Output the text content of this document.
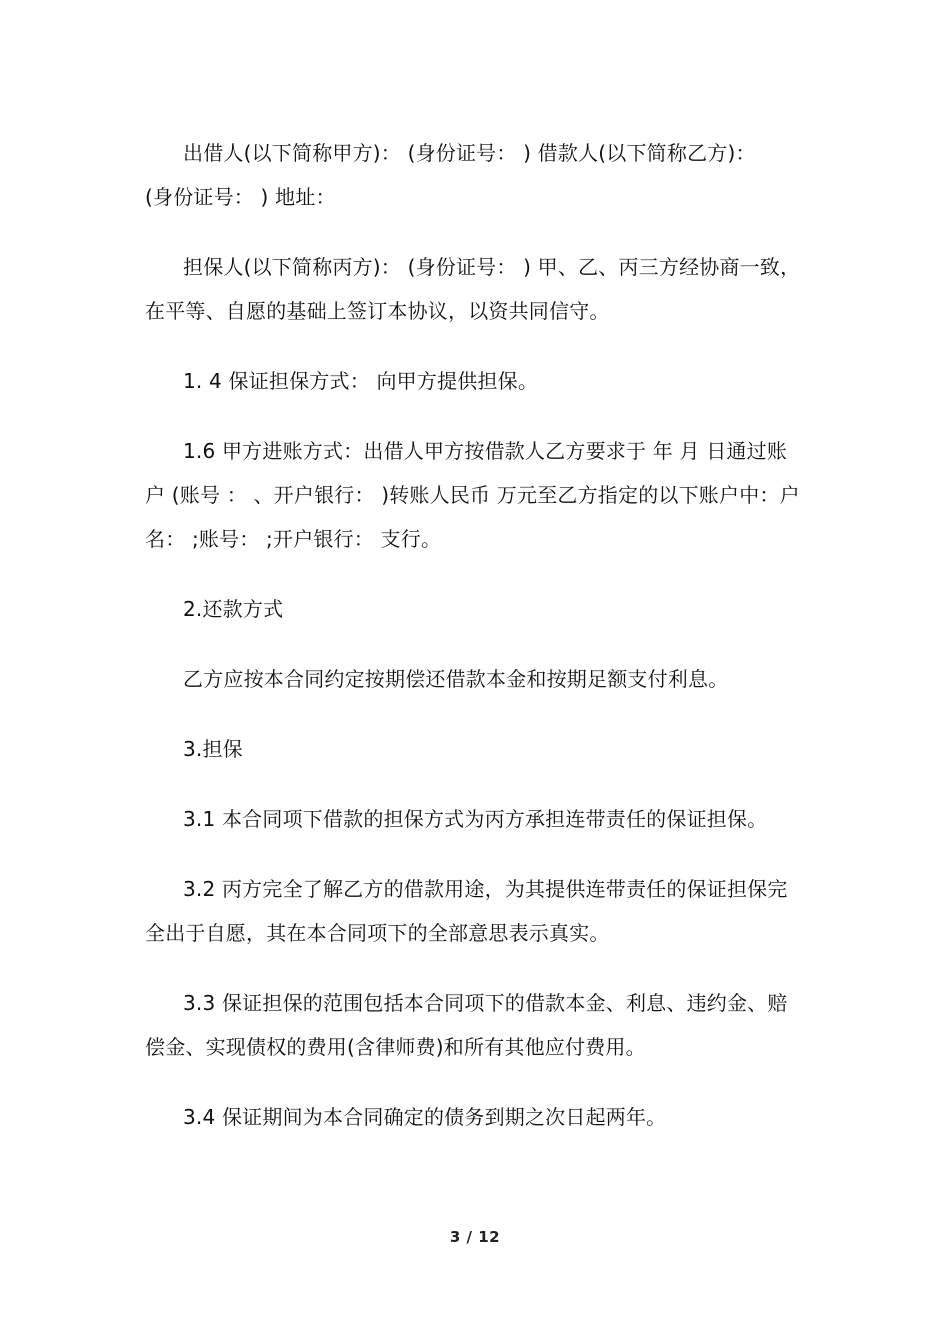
出借人(以下简称甲方)： (身份证号： ) 借款人(以下简称乙方)：

(身份证号： ) 地址：

担保人(以下简称丙方)： (身份证号： ) 甲、乙、丙三方经协商一致，在平等、自愿的基础上签订本协议，以资共同信守。

1. 4 保证担保方式： 向甲方提供担保。

1.6 甲方进账方式：出借人甲方按借款人乙方要求于 年 月 日通过账户 (账号 ： 、开户银行： )转账人民币 万元至乙方指定的以下账户中：户名： ;账号： ;开户银行： 支行。

2.还款方式

乙方应按本合同约定按期偿还借款本金和按期足额支付利息。

3.担保

3.1 本合同项下借款的担保方式为丙方承担连带责任的保证担保。

3.2 丙方完全了解乙方的借款用途，为其提供连带责任的保证担保完全出于自愿，其在本合同项下的全部意思表示真实。

3.3 保证担保的范围包括本合同项下的借款本金、利息、违约金、赔偿金、实现债权的费用(含律师费)和所有其他应付费用。

3.4 保证期间为本合同确定的债务到期之次日起两年。

3 / 12
